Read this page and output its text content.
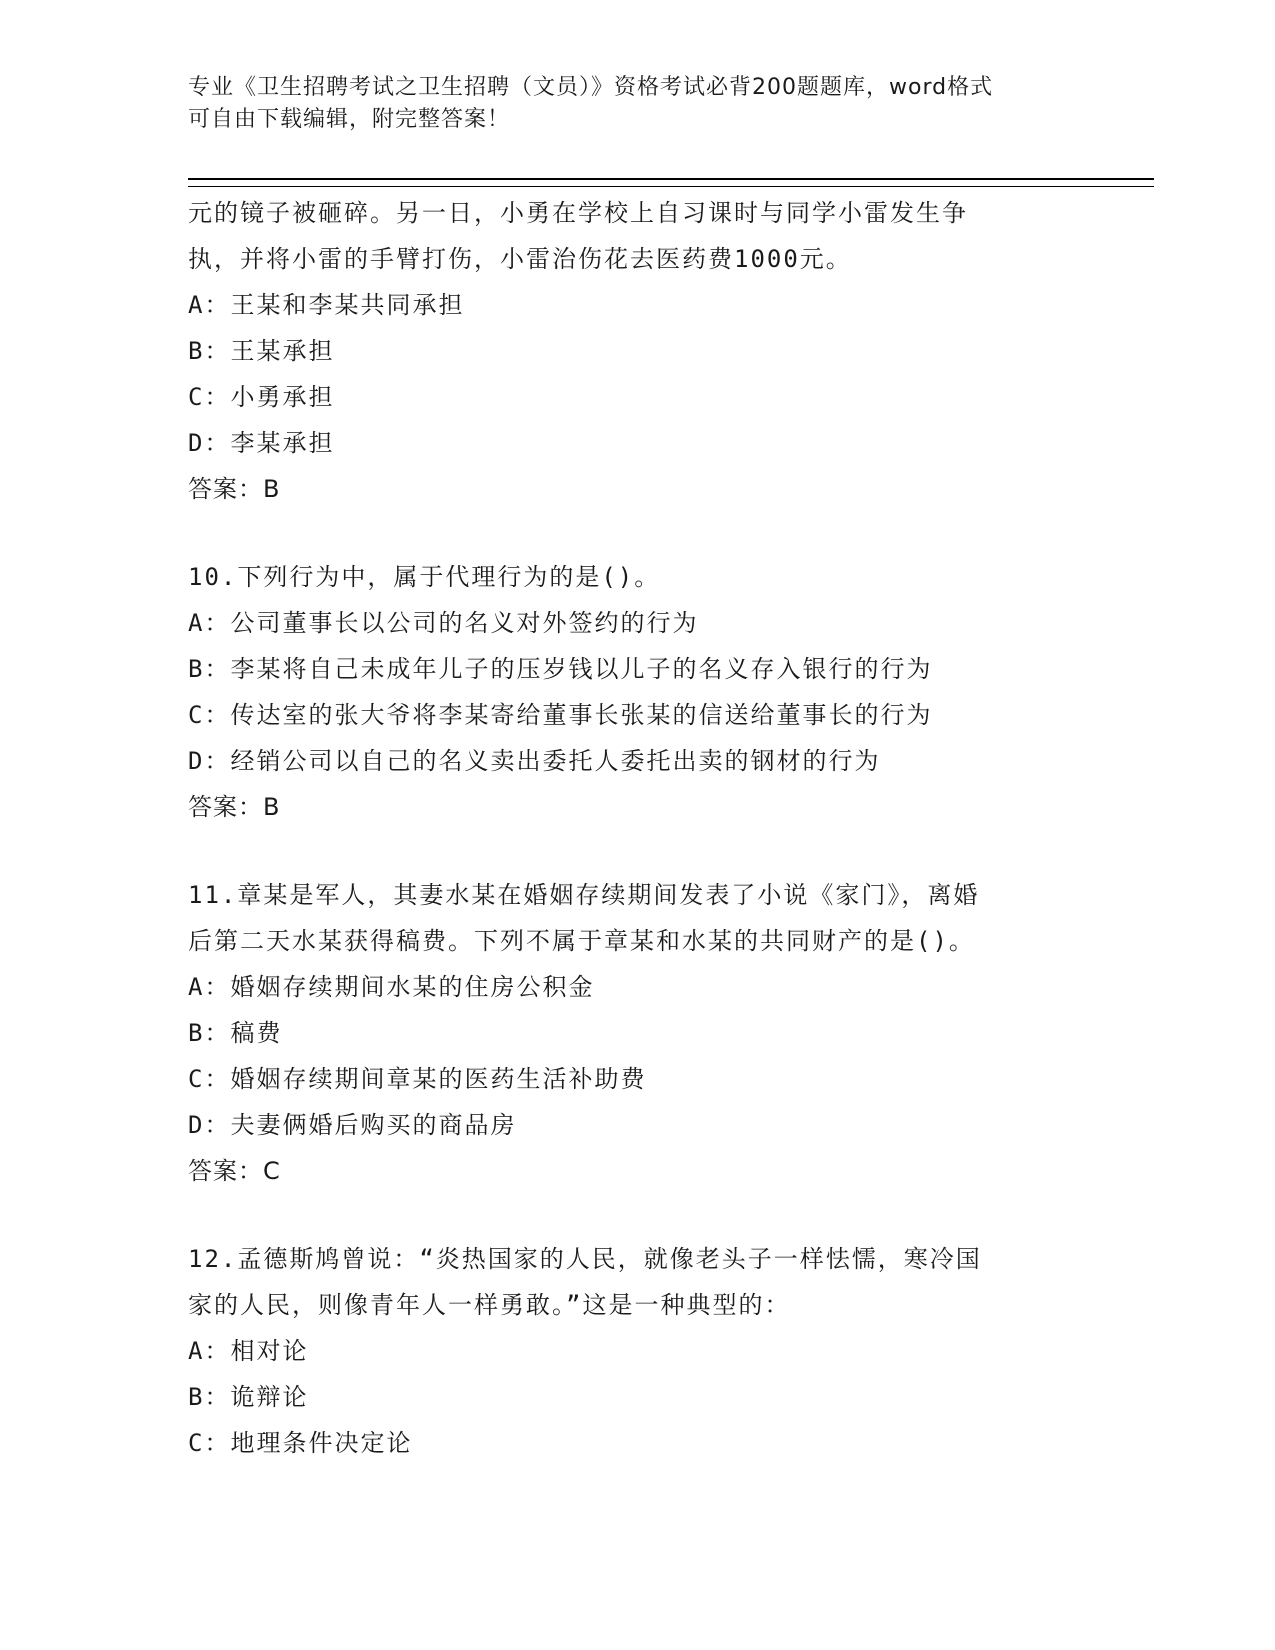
专业《卫生招聘考试之卫生招聘（文员）》资格考试必背200题题库，word格式
可自由下载编辑，附完整答案！
元的镜子被砸碎。另一日，小勇在学校上自习课时与同学小雷发生争
执，并将小雷的手臂打伤，小雷治伤花去医药费1000元。
A：王某和李某共同承担
B：王某承担
C：小勇承担
D：李某承担
答案：B
10.下列行为中，属于代理行为的是()。
A：公司董事长以公司的名义对外签约的行为
B：李某将自己未成年儿子的压岁钱以儿子的名义存入银行的行为
C：传达室的张大爷将李某寄给董事长张某的信送给董事长的行为
D：经销公司以自己的名义卖出委托人委托出卖的钢材的行为
答案：B
11.章某是军人，其妻水某在婚姻存续期间发表了小说《家门》，离婚
后第二天水某获得稿费。下列不属于章某和水某的共同财产的是()。
A：婚姻存续期间水某的住房公积金
B：稿费
C：婚姻存续期间章某的医药生活补助费
D：夫妻俩婚后购买的商品房
答案：C
12.孟德斯鸠曾说：“炎热国家的人民，就像老头子一样怯懦，寒冷国
家的人民，则像青年人一样勇敢。”这是一种典型的：
A：相对论
B：诡辩论
C：地理条件决定论
